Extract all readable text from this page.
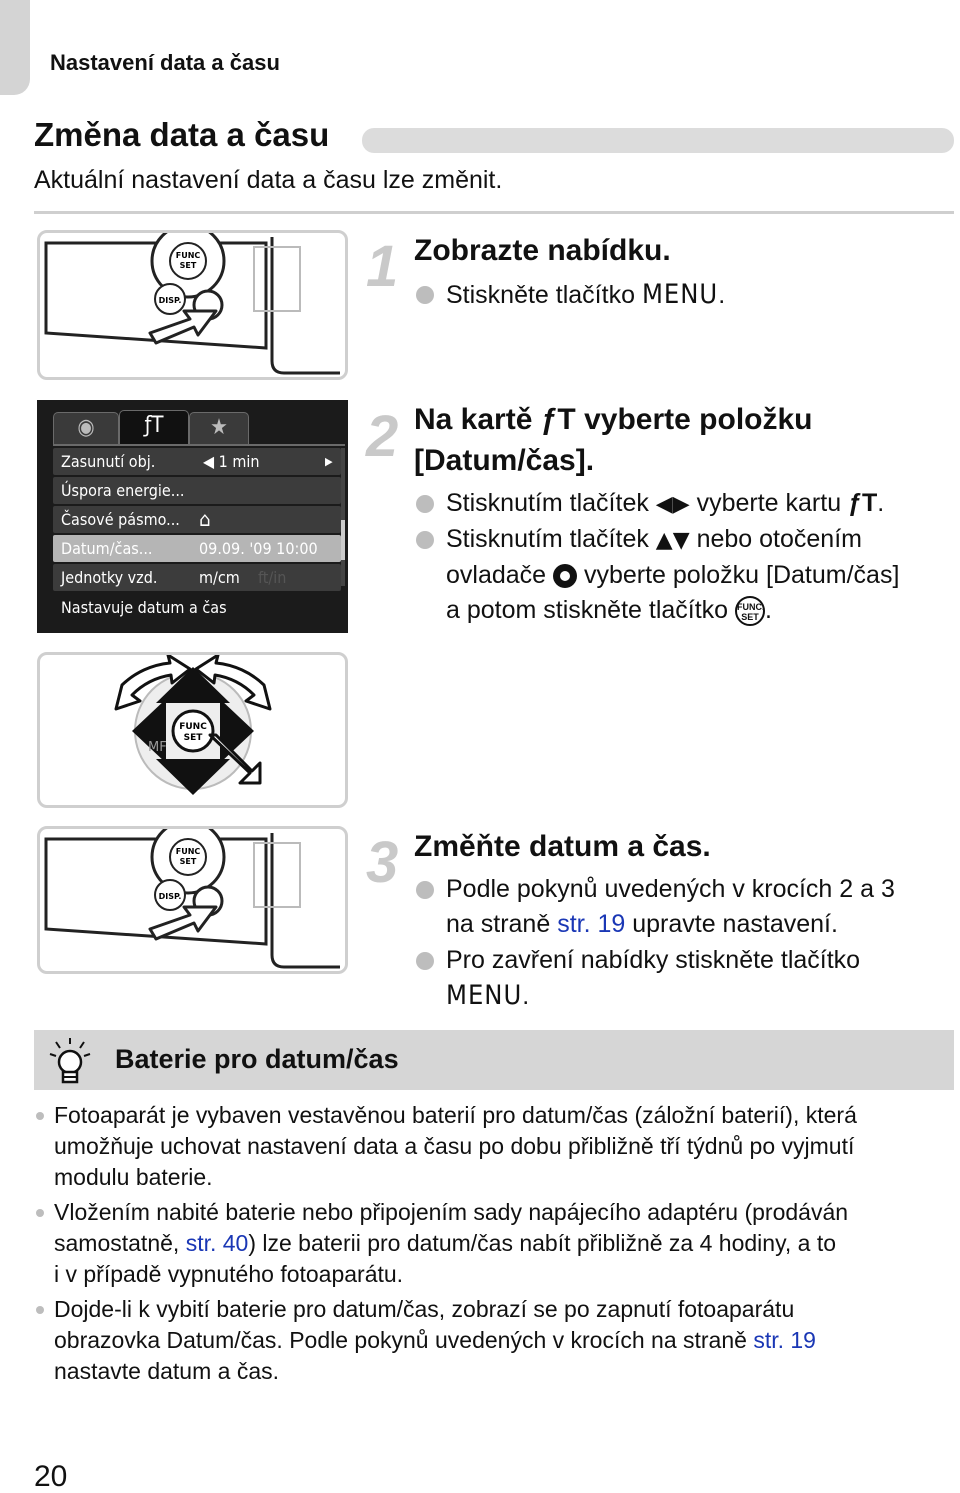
Nastavení data a času
Změna data a času
Aktuální nastavení data a času lze změnit.
FUNC
SET
DISP.
1 Zobrazte nabídku.
Stiskněte tlačítko MENU.
◉	ƒT	★
Zasunutí obj.	◀ 1 min	▶
Úspora energie...
Časové pásmo... ⌂
Datum/čas...	09.09. '09 10:00
Jednotky vzd.	m/cm ft/in
Nastavuje datum a čas
2 Na kartě ƒT vyberte položku
[Datum/čas].
Stisknutím tlačítek ◀▶ vyberte kartu ƒT.
Stisknutím tlačítek ▲▼ nebo otočením
ovladače  vyberte položku [Datum/čas]
a potom stiskněte tlačítko FUNC.
SET .
FUNC
SET
MF
FUNC
SET
DISP.
3 Změňte datum a čas.
Podle pokynů uvedených v krocích 2 a 3
na straně str. 19 upravte nastavení.
Pro zavření nabídky stiskněte tlačítko
MENU.
Baterie pro datum/čas
Fotoaparát je vybaven vestavěnou baterií pro datum/čas (záložní baterií), která
umožňuje uchovat nastavení data a času po dobu přibližně tří týdnů po vyjmutí
modulu baterie.
Vložením nabité baterie nebo připojením sady napájecího adaptéru (prodáván
samostatně, str. 40) lze baterii pro datum/čas nabít přibližně za 4 hodiny, a to
i v případě vypnutého fotoaparátu.
Dojde-li k vybití baterie pro datum/čas, zobrazí se po zapnutí fotoaparátu
obrazovka Datum/čas. Podle pokynů uvedených v krocích na straně str. 19
nastavte datum a čas.
20
